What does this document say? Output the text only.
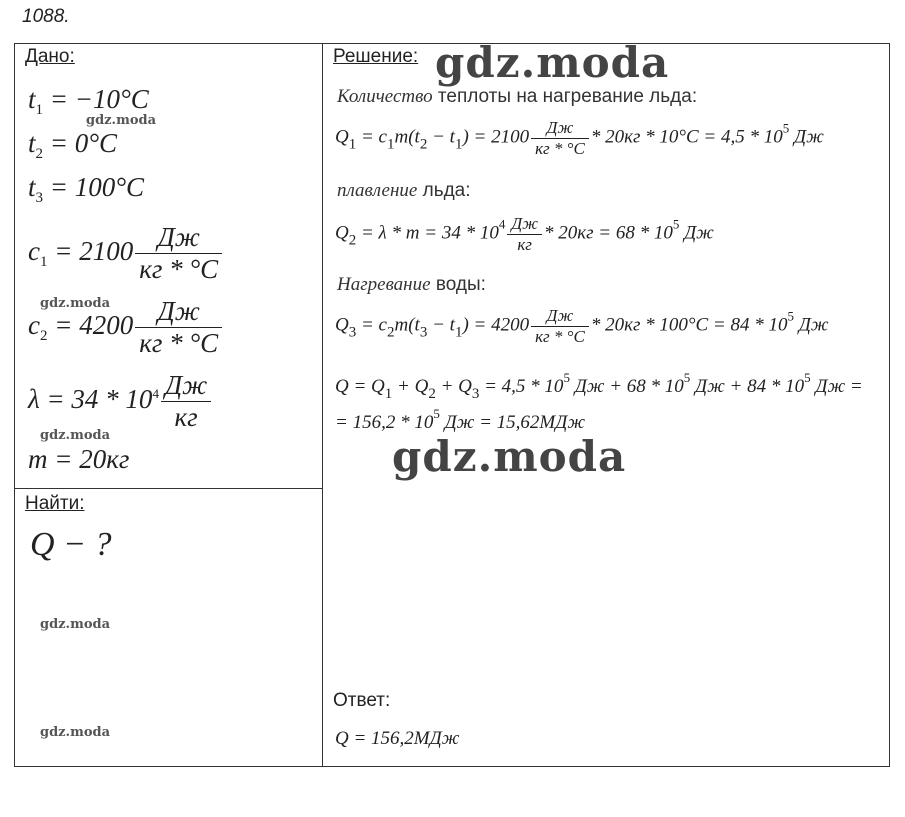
1088.
Дано:
$t_1 = -10^\circ C$
$t_2 = 0^\circ C$
$t_3 = 100^\circ C$
$c_1 = 2100 \frac{Дж}{кг * ^\circ C}$
$c_2 = 4200 \frac{Дж}{кг * ^\circ C}$
$\lambda = 34 * 10^4 \frac{Дж}{кг}$
m = 20кг
Найти:
Q − ?
Решение:
Количество теплоты на нагревание льда:
$Q_1 = c_1m(t_2 - t_1) = 2100 \frac{Дж}{кг * ^\circ C} * 20кг * 10^\circ C = 4,5 * 10^5$ Дж
плавление льда:
$Q_2 = \lambda * m = 34 * 10^4 \frac{Дж}{кг} * 20кг = 68 * 10^5$ Дж
Нагревание воды:
$Q_3 = c_2m(t_3 - t_1) = 4200 \frac{Дж}{кг * ^\circ C} * 20кг * 100^\circ C = 84 * 10^5$ Дж
$Q = Q_1 + Q_2 + Q_3 = 4,5 * 10^5$ Дж + $68 * 10^5$ Дж + $84 * 10^5$ Дж =
= $156,2 * 10^5$ Дж = 15,62МДж
Ответ:
Q = 156,2МДж
gdz.moda
gdz.moda
gdz.moda
gdz.moda
gdz.moda
gdz.moda
gdz.moda
